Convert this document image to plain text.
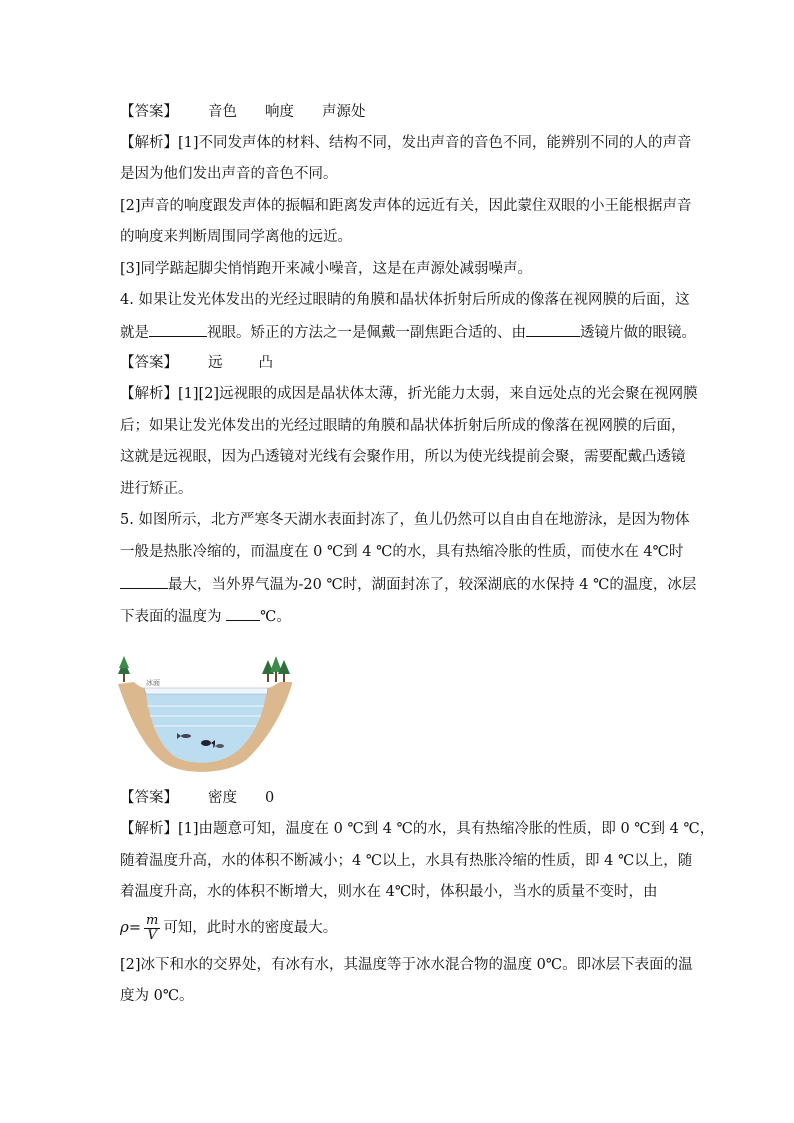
【答案】 音色 响度 声源处
【解析】[1]不同发声体的材料、结构不同，发出声音的音色不同，能辨别不同的人的声音
是因为他们发出声音的音色不同。
[2]声音的响度跟发声体的振幅和距离发声体的远近有关，因此蒙住双眼的小王能根据声音
的响度来判断周围同学离他的远近。
[3]同学踮起脚尖悄悄跑开来减小噪音，这是在声源处减弱噪声。
4. 如果让发光体发出的光经过眼睛的角膜和晶状体折射后所成的像落在视网膜的后面，这
就是	视眼。矫正的方法之一是佩戴一副焦距合适的、由	透镜片做的眼镜。
【答案】 远 凸
【解析】[1][2]远视眼的成因是晶状体太薄，折光能力太弱，来自远处点的光会聚在视网膜
后；如果让发光体发出的光经过眼睛的角膜和晶状体折射后所成的像落在视网膜的后面，
这就是远视眼，因为凸透镜对光线有会聚作用，所以为使光线提前会聚，需要配戴凸透镜
进行矫正。
5. 如图所示，北方严寒冬天湖水表面封冻了，鱼儿仍然可以自由自在地游泳，是因为物体
一般是热胀冷缩的，而温度在 0 ℃到 4 ℃的水，具有热缩冷胀的性质，而使水在 4℃时
最大，当外界气温为-20 ℃时，湖面封冻了，较深湖底的水保持 4 ℃的温度，冰层
下表面的温度为 ℃。
冰面
【答案】 密度 0
【解析】[1]由题意可知，温度在 0 ℃到 4 ℃的水，具有热缩冷胀的性质，即 0 ℃到 4 ℃，
随着温度升高，水的体积不断减小；4 ℃以上，水具有热胀冷缩的性质，即 4 ℃以上，随
着温度升高，水的体积不断增大，则水在 4℃时，体积最小，当水的质量不变时，由
$\rho= \frac{m}{V}$ 可知，此时水的密度最大。
[2]冰下和水的交界处，有冰有水，其温度等于冰水混合物的温度 0℃。即冰层下表面的温
度为 0℃。
